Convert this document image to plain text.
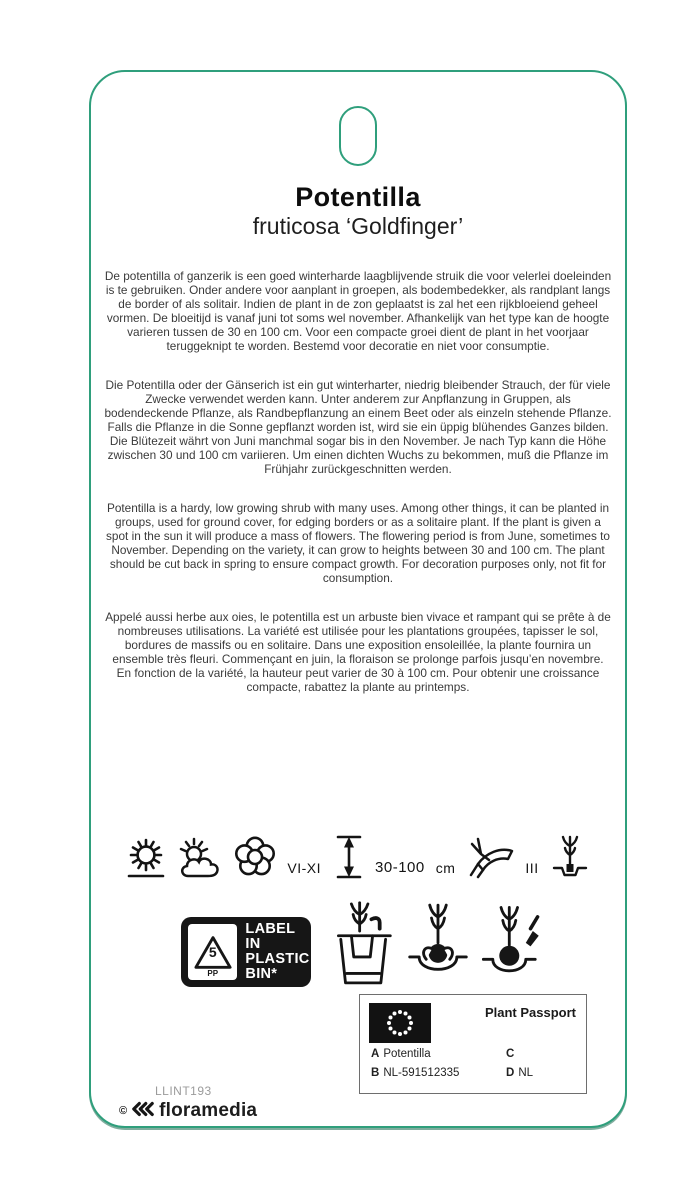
Potentilla
fruticosa ‘Goldfinger’

De potentilla of ganzerik is een goed winterharde laagblijvende struik die voor velerlei doeleinden is te gebruiken. Onder andere voor aanplant in groepen, als bodembedekker, als randplant langs de border of als solitair. Indien de plant in de zon geplaatst is zal het een rijkbloeiend geheel vormen. De bloeitijd is vanaf juni tot soms wel november. Afhankelijk van het type kan de hoogte varieren tussen de 30 en 100 cm. Voor een compacte groei dient de plant in het voorjaar teruggeknipt te worden. Bestemd voor decoratie en niet voor consumptie.

Die Potentilla oder der Gänserich ist ein gut winterharter, niedrig bleibender Strauch, der für viele Zwecke verwendet werden kann. Unter anderem zur Anpflanzung in Gruppen, als bodendeckende Pflanze, als Randbepflanzung an einem Beet oder als einzeln stehende Pflanze. Falls die Pflanze in die Sonne gepflanzt worden ist, wird sie ein üppig blühendes Ganzes bilden. Die Blütezeit währt von Juni manchmal sogar bis in den November. Je nach Typ kann die Höhe zwischen 30 und 100 cm variieren. Um einen dichten Wuchs zu bekommen, muß die Pflanze im Frühjahr zurückgeschnitten werden.

Potentilla is a hardy, low growing shrub with many uses. Among other things, it can be planted in groups, used for ground cover, for edging borders or as a solitaire plant. If the plant is given a spot in the sun it will produce a mass of flowers. The flowering period is from June, sometimes to November. Depending on the variety, it can grow to heights between 30 and 100 cm. The plant should be cut back in spring to ensure compact growth. For decoration purposes only, not fit for consumption.

Appelé aussi herbe aux oies, le potentilla est un arbuste bien vivace et rampant qui se prête à de nombreuses utilisations. La variété est utilisée pour les plantations groupées, tapisser le sol, bordures de massifs ou en solitaire. Dans une exposition ensoleillée, la plante fournira un ensemble très fleuri. Commençant en juin, la floraison se prolonge parfois jusqu’en novembre. En fonction de la variété, la hauteur peut varier de 30 à 100 cm. Pour obtenir une croissance compacte, rabattez la plante au printemps.

VI-XI	30-100 cm	III
5
PP
LABEL IN
PLASTIC
BIN*
Plant Passport
A Potentilla
B NL-591512335
C
D NL
LLINT193
© floramedia
